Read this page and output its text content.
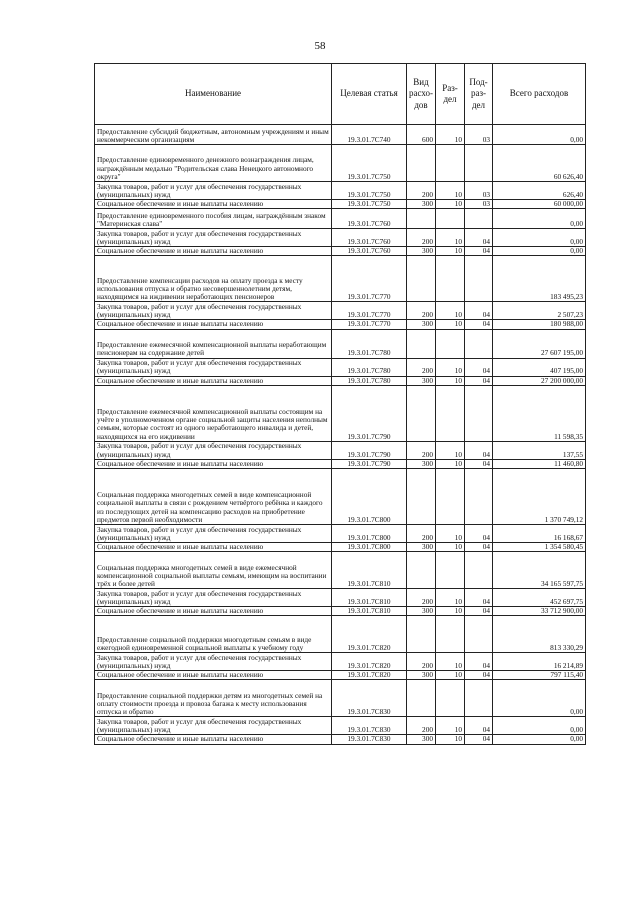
58
Наименование	Целевая статья	Вид расхо-дов	Раз-дел	Под-раз-дел	Всего расходов
Предоставление субсидий бюджетным, автономным учреждениям и иным некоммерческим организациям	19.3.01.7С740	600	10	03	0,00
Предоставление единовременного денежного вознаграждения лицам, награждённым медалью "Родительская слава Ненецкого автономного округа"	19.3.01.7С750				60 626,40
Закупка товаров, работ и услуг для обеспечения государственных (муниципальных) нужд	19.3.01.7С750	200	10	03	626,40
Социальное обеспечение и иные выплаты населению	19.3.01.7С750	300	10	03	60 000,00
Предоставление единовременного пособия лицам, награждённым знаком "Материнская слава"	19.3.01.7С760				0,00
Закупка товаров, работ и услуг для обеспечения государственных (муниципальных) нужд	19.3.01.7С760	200	10	04	0,00
Социальное обеспечение и иные выплаты населению	19.3.01.7С760	300	10	04	0,00
Предоставление компенсации расходов на оплату проезда к месту использования отпуска и обратно несовершеннолетним детям, находящимся на иждивении неработающих пенсионеров	19.3.01.7С770				183 495,23
Закупка товаров, работ и услуг для обеспечения государственных (муниципальных) нужд	19.3.01.7С770	200	10	04	2 507,23
Социальное обеспечение и иные выплаты населению	19.3.01.7С770	300	10	04	180 988,00
Предоставление ежемесячной компенсационной выплаты неработающим пенсионерам на содержание детей	19.3.01.7С780				27 607 195,00
Закупка товаров, работ и услуг для обеспечения государственных (муниципальных) нужд	19.3.01.7С780	200	10	04	407 195,00
Социальное обеспечение и иные выплаты населению	19.3.01.7С780	300	10	04	27 200 000,00
Предоставление ежемесячной компенсационной выплаты состоящим на учёте в уполномоченном органе социальной защиты населения неполным семьям, которые состоят из одного неработающего инвалида и детей, находящихся на его иждивении	19.3.01.7С790				11 598,35
Закупка товаров, работ и услуг для обеспечения государственных (муниципальных) нужд	19.3.01.7С790	200	10	04	137,55
Социальное обеспечение и иные выплаты населению	19.3.01.7С790	300	10	04	11 460,80
Социальная поддержка многодетных семей в виде компенсационной социальной выплаты в связи с рождением четвёртого ребёнка и каждого из последующих детей на компенсацию расходов на приобретение предметов первой необходимости	19.3.01.7С800				1 370 749,12
Закупка товаров, работ и услуг для обеспечения государственных (муниципальных) нужд	19.3.01.7С800	200	10	04	16 168,67
Социальное обеспечение и иные выплаты населению	19.3.01.7С800	300	10	04	1 354 580,45
Социальная поддержка многодетных семей в виде ежемесячной компенсационной социальной выплаты семьям, имеющим на воспитании трёх и более детей	19.3.01.7С810				34 165 597,75
Закупка товаров, работ и услуг для обеспечения государственных (муниципальных) нужд	19.3.01.7С810	200	10	04	452 697,75
Социальное обеспечение и иные выплаты населению	19.3.01.7С810	300	10	04	33 712 900,00
Предоставление социальной поддержки многодетным семьям в виде ежегодной единовременной социальной выплаты к учебному году	19.3.01.7С820				813 330,29
Закупка товаров, работ и услуг для обеспечения государственных (муниципальных) нужд	19.3.01.7С820	200	10	04	16 214,89
Социальное обеспечение и иные выплаты населению	19.3.01.7С820	300	10	04	797 115,40
Предоставление социальной поддержки детям из многодетных семей на оплату стоимости проезда и провоза багажа к месту использования отпуска и обратно	19.3.01.7С830				0,00
Закупка товаров, работ и услуг для обеспечения государственных (муниципальных) нужд	19.3.01.7С830	200	10	04	0,00
Социальное обеспечение и иные выплаты населению	19.3.01.7С830	300	10	04	0,00
